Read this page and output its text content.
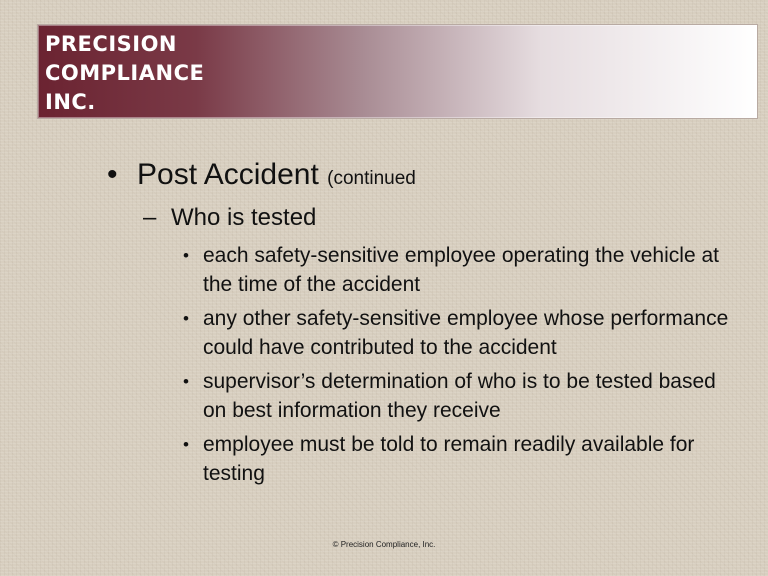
PRECISION
COMPLIANCE
INC.
• Post Accident (continued
– Who is tested
• each safety-sensitive employee operating the vehicle at the time of the accident
• any other safety-sensitive employee whose performance could have contributed to the accident
• supervisor’s determination of who is to be tested based on best information they receive
• employee must be told to remain readily available for testing
© Precision Compliance, Inc.
